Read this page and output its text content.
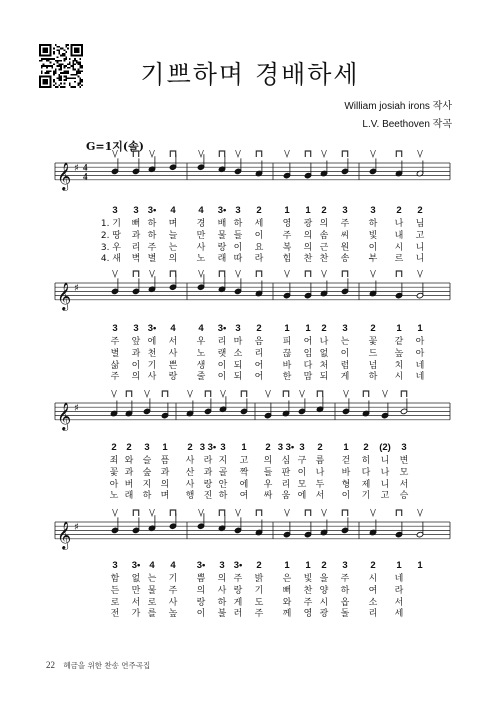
기쁘하며 경배하세
William josiah irons 작사
L.V. Beethoven 작곡
G=1지(솔)
𝄞 ♯ 4
4
3	3 3•	4	4	3• 3	2	1	1	2	3	3	2	2
1. 기 뻐 하 며 경 배 하 세 영 광 의 주 하 나 님
2. 땅 과 하 늘 만 물 들 이 주 의 솜 씨 빛 내 고
3. 우 리 주 는 사 랑 이 요 복 의 근 원 이 시 니
4. 새 벽 별 의 노 래 따 라 힘 찬 찬 송 부 르 니
𝄞 ♯
3	3 3•	4	4	3• 3	2	1	1	2	3	2	1	1
주 앞 에 서 우 리 마 음 피 어 나 는 꽃 같 아
별 과 천 사 노 랫 소 리 끊 임 없 이 드 높 아
삶 이 기 쁜 생 이 되 어 바 다 처 럼 넘 치 네
주 의 사 랑 줄 이 되 어 한 맘 되 게 하 시 네
𝄞 ♯
2	2	3	1	2 3 3• 3	1	2 3 3• 3	2	1	2	(2)	3
죄 와 슬 픔 사 라 지 고 의 심 구 름 걷 히 니 변
꽃 과 숲 과 산 과 골 짝 들 판 이 나 바 다 나 모
아 버 지 의 사 랑 안 에 우 리 모 두 형 제 니 서
노 래 하 며 행 진 하 여 싸 움 에 서 이 기 고 승
𝄞 ♯
3	3• 4	4	3•	3 3•	2	1	1	2	3	2	1	1
함 없 는 기 쁨 의 주 밝 은 빛 을 주 시 네
든 만 물 주 의 사 랑 기 뻐 찬 양 하 여 라
로 서 로 사 랑 하 게 도 와 주 시 옵 소 서
전 가 를 높 이 불 러 주 께 영 광 돌 리 세
22 혜금을 위한 찬송 연주곡집
